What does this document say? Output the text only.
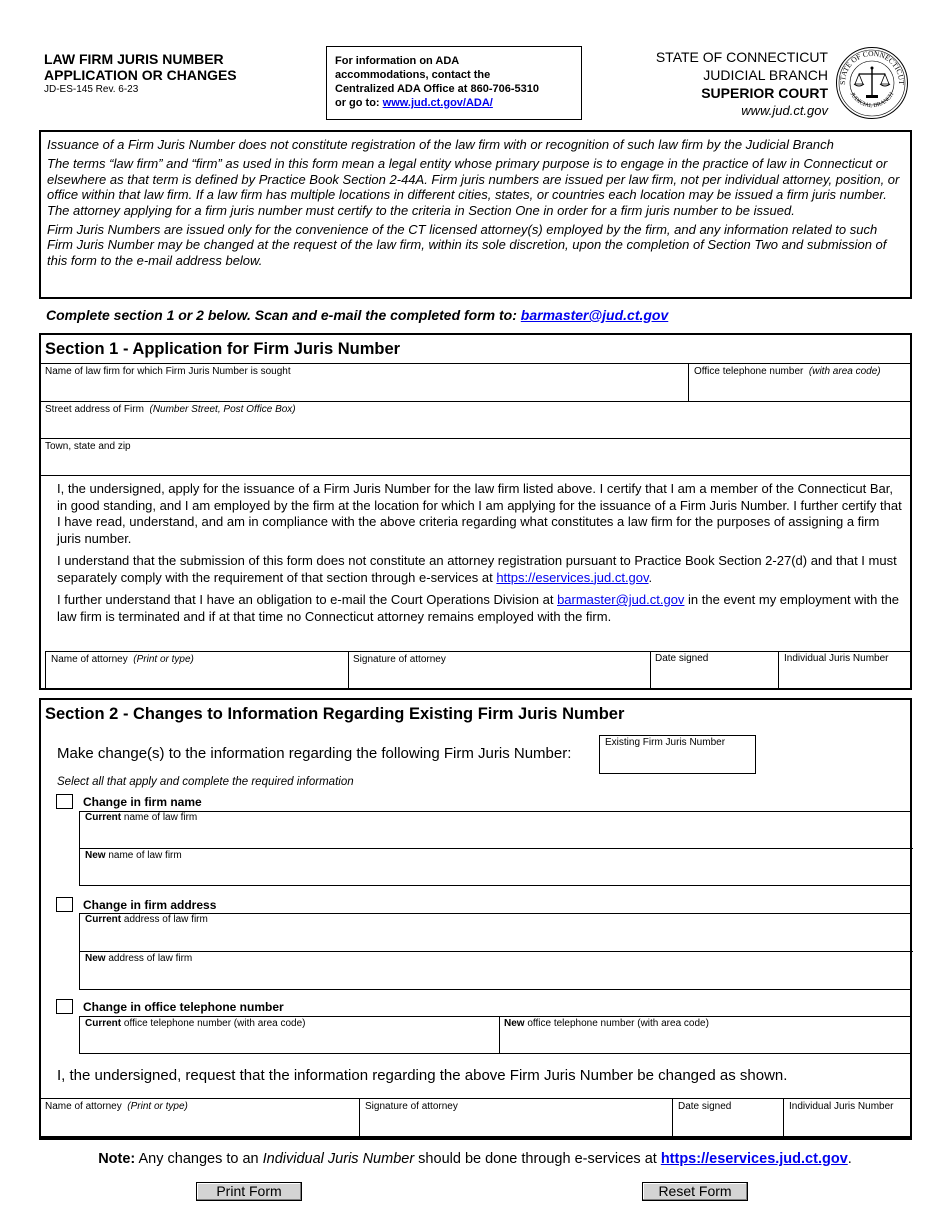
LAW FIRM JURIS NUMBER
APPLICATION OR CHANGES
JD-ES-145 Rev. 6-23
For information on ADA
accommodations, contact the
Centralized ADA Office at 860-706-5310
or go to: www.jud.ct.gov/ADA/
STATE OF CONNECTICUT
JUDICIAL BRANCH
SUPERIOR COURT
www.jud.ct.gov
STATE OF CONNECTICUT
JUDICIAL BRANCH

Issuance of a Firm Juris Number does not constitute registration of the law firm with or recognition of such law firm by the Judicial Branch

The terms “law firm” and “firm” as used in this form mean a legal entity whose primary purpose is to engage in the practice of law in Connecticut or elsewhere as that term is defined by Practice Book Section 2-44A. Firm juris numbers are issued per law firm, not per individual attorney, position, or office within that law firm. If a law firm has multiple locations in different cities, states, or countries each location may be issued a firm juris number. The attorney applying for a firm juris number must certify to the criteria in Section One in order for a firm juris number to be issued.

Firm Juris Numbers are issued only for the convenience of the CT licensed attorney(s) employed by the firm, and any information related to such Firm Juris Number may be changed at the request of the law firm, within its sole discretion, upon the completion of Section Two and submission of this form to the e-mail address below.

Complete section 1 or 2 below. Scan and e-mail the completed form to: barmaster@jud.ct.gov
Section 1 - Application for Firm Juris Number
Name of law firm for which Firm Juris Number is sought	Office telephone number (with area code)
Street address of Firm (Number Street, Post Office Box)
Town, state and zip

I, the undersigned, apply for the issuance of a Firm Juris Number for the law firm listed above. I certify that I am a member of the Connecticut Bar, in good standing, and I am employed by the firm at the location for which I am applying for the issuance of a Firm Juris Number. I further certify that I have read, understand, and am in compliance with the above criteria regarding what constitutes a law firm for the purposes of assigning a firm juris number.

I understand that the submission of this form does not constitute an attorney registration pursuant to Practice Book Section 2-27(d) and that I must separately comply with the requirement of that section through e-services at https://eservices.jud.ct.gov.

I further understand that I have an obligation to e-mail the Court Operations Division at barmaster@jud.ct.gov in the event my employment with the law firm is terminated and if at that time no Connecticut attorney remains employed with the firm.

Name of attorney (Print or type)	Signature of attorney	Date signed	Individual Juris Number
Section 2 - Changes to Information Regarding Existing Firm Juris Number
Make change(s) to the information regarding the following Firm Juris Number:
Existing Firm Juris Number
Select all that apply and complete the required information
Change in firm name
Current name of law firm
New name of law firm
Change in firm address
Current address of law firm
New address of law firm
Change in office telephone number
Current office telephone number (with area code)	New office telephone number (with area code)
I, the undersigned, request that the information regarding the above Firm Juris Number be changed as shown.
Name of attorney (Print or type)	Signature of attorney	Date signed	Individual Juris Number
Note: Any changes to an Individual Juris Number should be done through e-services at https://eservices.jud.ct.gov.
Print Form	Reset Form
